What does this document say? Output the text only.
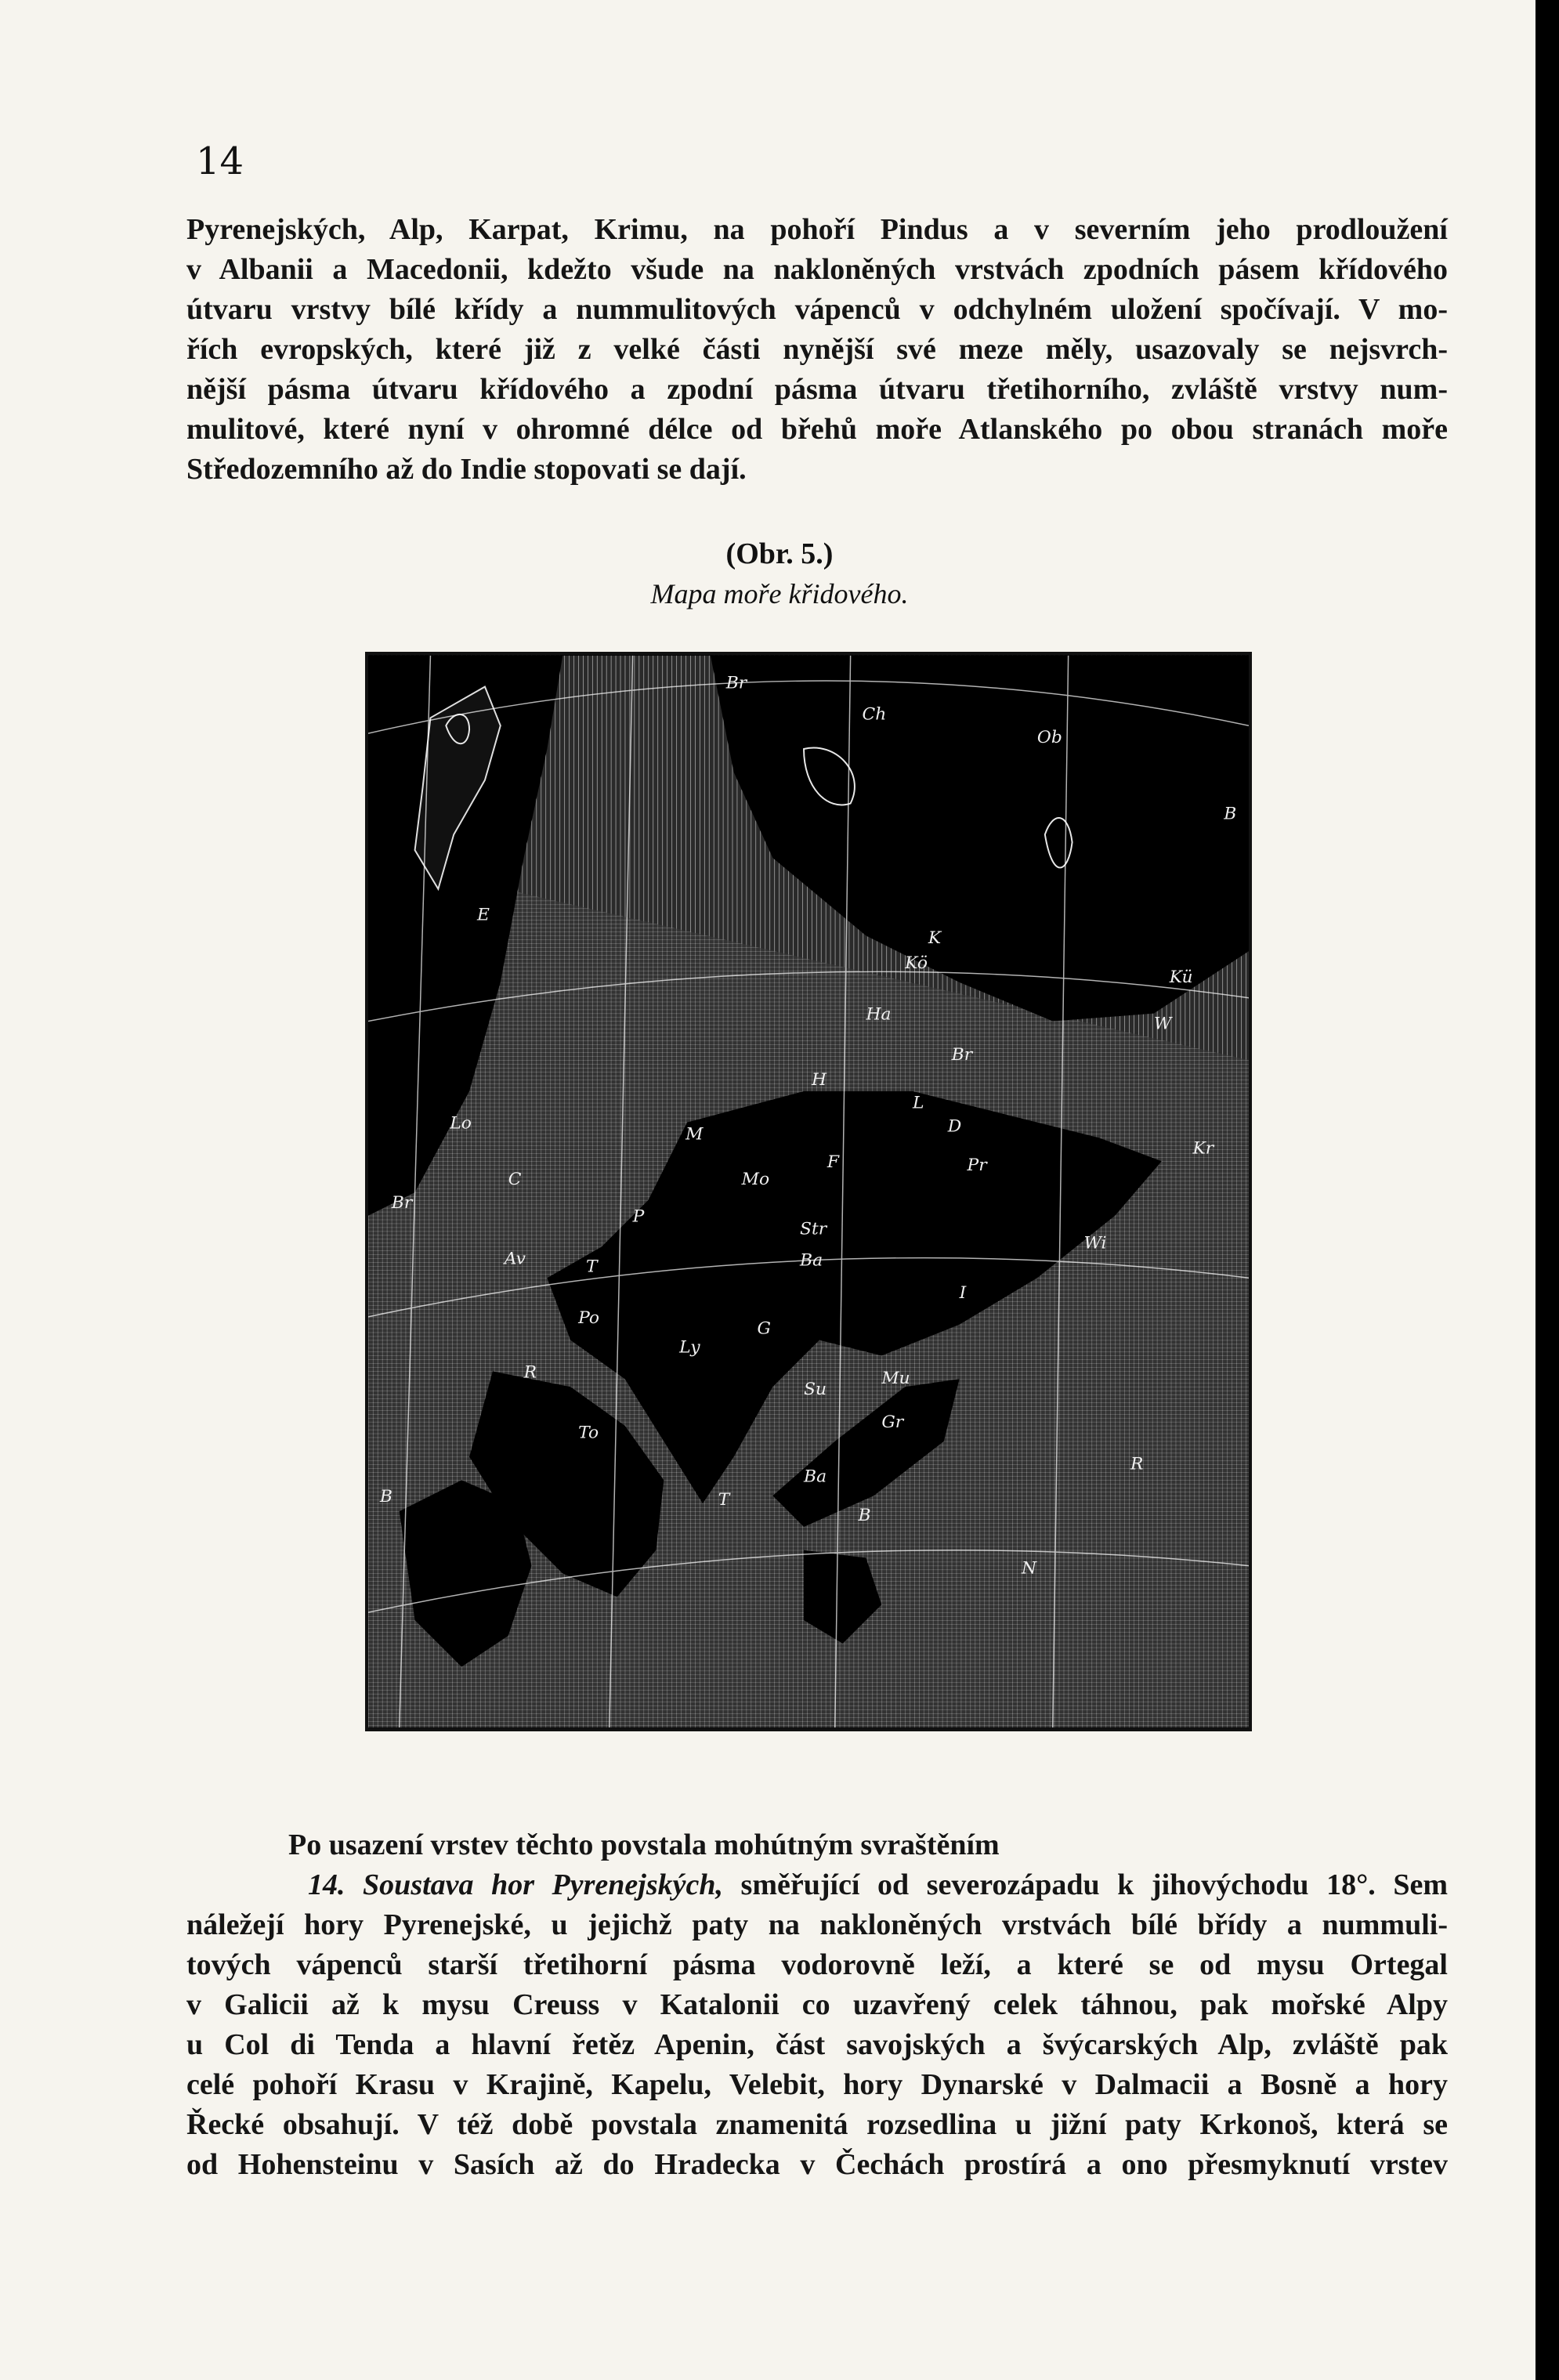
14
Pyrenejských, Alp, Karpat, Krimu, na pohoří Pindus a v severním jeho prodloužení
v Albanii a Macedonii, kdežto všude na nakloněných vrstvách zpodních pásem křídového
útvaru vrstvy bílé křídy a nummulitových vápenců v odchylném uložení spočívají. V mo-
řích evropských, které již z velké části nynější své meze měly, usazovaly se nejsvrch-
nější pásma útvaru křídového a zpodní pásma útvaru třetihorního, zvláště vrstvy num-
mulitové, které nyní v ohromné délce od břehů moře Atlanského po obou stranách moře
Středozemního až do Indie stopovati se dají.
(Obr. 5.)
Mapa moře křidového.
Br
Ch
Ob
B
E
K
Kö
Kü
Ha	W
Br
H
L
D
Kr
Lo
M
Pr
Br
C	Mo
F
P
Wi
Str
Ba
Av	T
I
Po
G
Ly
Mu
R
Su
To
R
T
B
Gr
N
Ba
B
Po usazení vrstev těchto povstala mohútným svraštěním
14. Soustava hor Pyrenejských, směřující od severozápadu k jihovýchodu 18°. Sem
náležejí hory Pyrenejské, u jejichž paty na nakloněných vrstvách bílé břídy a nummuli-
tových vápenců starší třetihorní pásma vodorovně leží, a které se od mysu Ortegal
v Galicii až k mysu Creuss v Katalonii co uzavřený celek táhnou, pak mořské Alpy
u Col di Tenda a hlavní řetěz Apenin, část savojských a švýcarských Alp, zvláště pak
celé pohoří Krasu v Krajině, Kapelu, Velebit, hory Dynarské v Dalmacii a Bosně a hory
Řecké obsahují. V též době povstala znamenitá rozsedlina u jižní paty Krkonoš, která se
od Hohensteinu v Sasích až do Hradecka v Čechách prostírá a ono přesmyknutí vrstev
